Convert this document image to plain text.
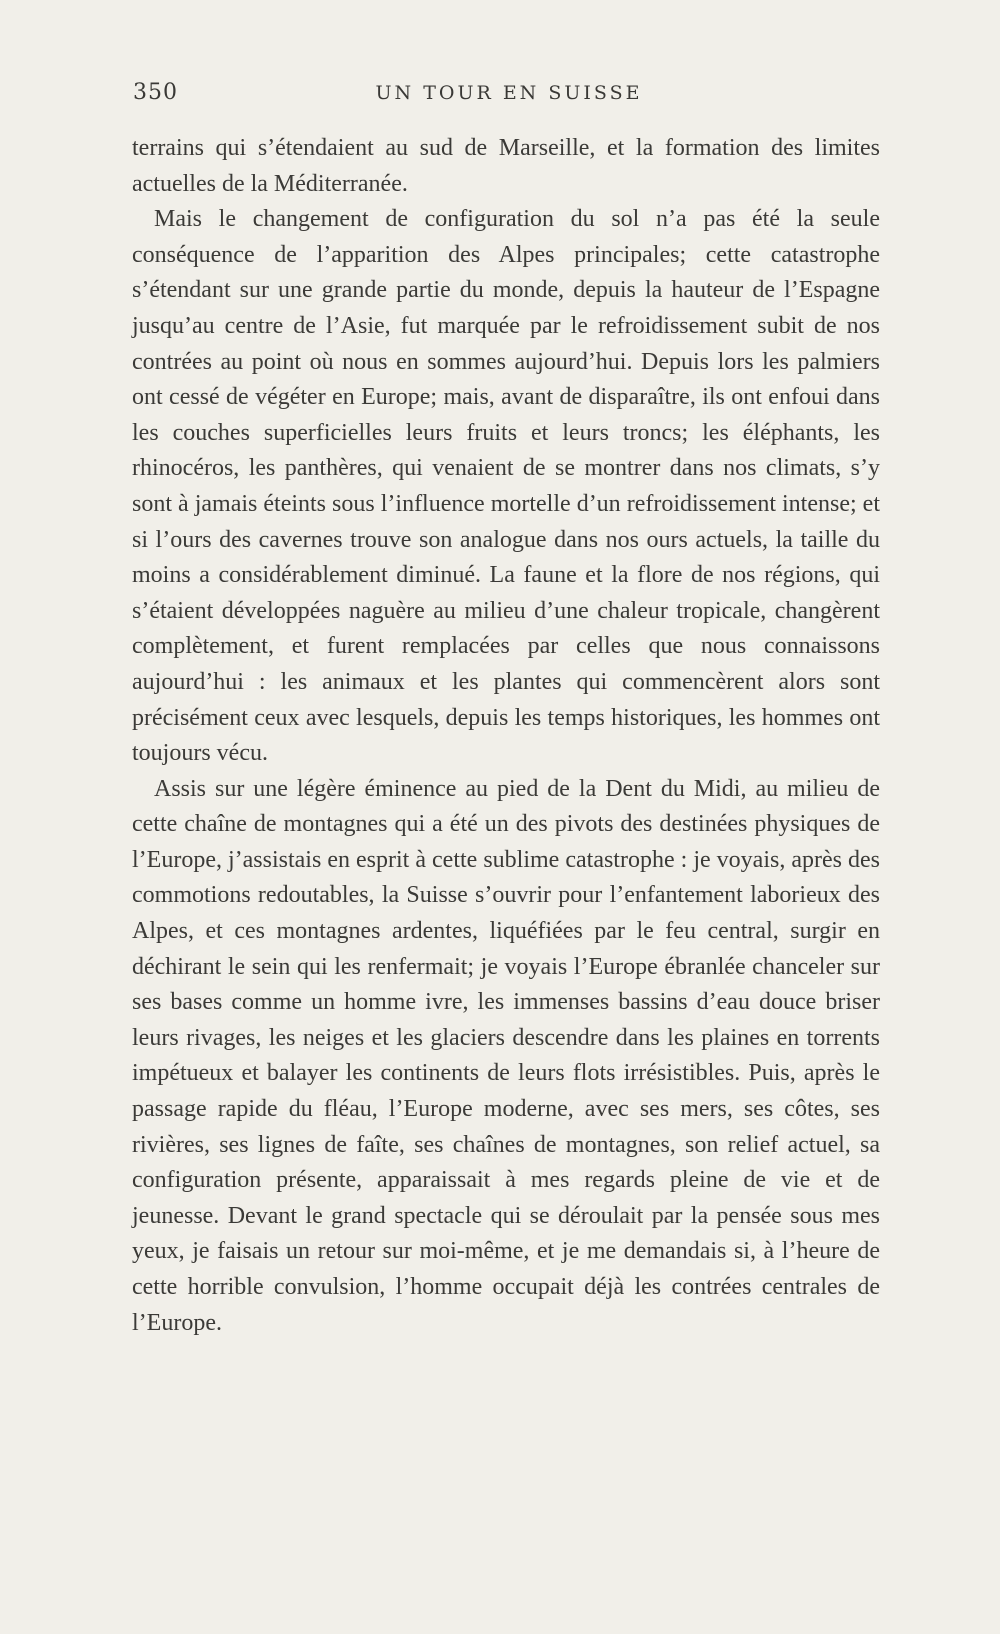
350	UN TOUR EN SUISSE

terrains qui s’étendaient au sud de Marseille, et la formation des limites actuelles de la Méditerranée.

Mais le changement de configuration du sol n’a pas été la seule conséquence de l’apparition des Alpes principales; cette catastrophe s’étendant sur une grande partie du monde, depuis la hauteur de l’Espagne jusqu’au centre de l’Asie, fut marquée par le refroidissement subit de nos contrées au point où nous en sommes aujourd’hui. Depuis lors les palmiers ont cessé de végéter en Europe; mais, avant de disparaître, ils ont enfoui dans les couches superficielles leurs fruits et leurs troncs; les éléphants, les rhinocéros, les panthères, qui venaient de se montrer dans nos climats, s’y sont à jamais éteints sous l’influence mortelle d’un refroidissement intense; et si l’ours des cavernes trouve son analogue dans nos ours actuels, la taille du moins a considérablement diminué. La faune et la flore de nos régions, qui s’étaient développées naguère au milieu d’une chaleur tropicale, changèrent complètement, et furent remplacées par celles que nous connaissons aujourd’hui : les animaux et les plantes qui commencèrent alors sont précisément ceux avec lesquels, depuis les temps historiques, les hommes ont toujours vécu.

Assis sur une légère éminence au pied de la Dent du Midi, au milieu de cette chaîne de montagnes qui a été un des pivots des destinées physiques de l’Europe, j’assistais en esprit à cette sublime catastrophe : je voyais, après des commotions redoutables, la Suisse s’ouvrir pour l’enfantement laborieux des Alpes, et ces montagnes ardentes, liquéfiées par le feu central, surgir en déchirant le sein qui les renfermait; je voyais l’Europe ébranlée chanceler sur ses bases comme un homme ivre, les immenses bassins d’eau douce briser leurs rivages, les neiges et les glaciers descendre dans les plaines en torrents impétueux et balayer les continents de leurs flots irrésistibles. Puis, après le passage rapide du fléau, l’Europe moderne, avec ses mers, ses côtes, ses rivières, ses lignes de faîte, ses chaînes de montagnes, son relief actuel, sa configuration présente, apparaissait à mes regards pleine de vie et de jeunesse. Devant le grand spectacle qui se déroulait par la pensée sous mes yeux, je faisais un retour sur moi-même, et je me demandais si, à l’heure de cette horrible convulsion, l’homme occupait déjà les contrées centrales de l’Europe.
